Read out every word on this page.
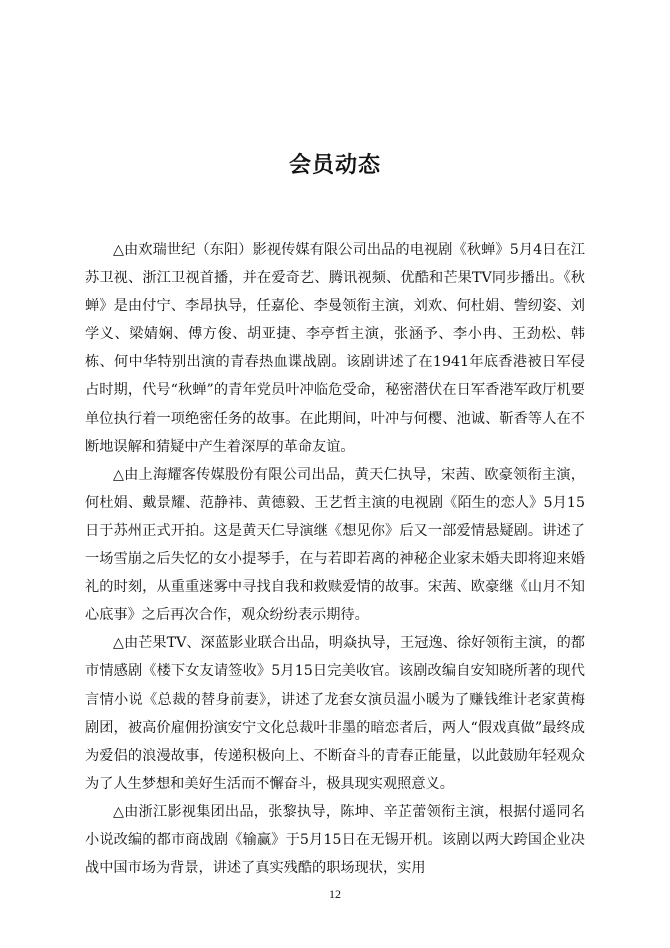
会员动态

△由欢瑞世纪（东阳）影视传媒有限公司出品的电视剧《秋蝉》5月4日在江苏卫视、浙江卫视首播，并在爱奇艺、腾讯视频、优酷和芒果TV同步播出。《秋蝉》是由付宁、李昂执导，任嘉伦、李曼领衔主演，刘欢、何杜娟、訾纫姿、刘学义、梁婧娴、傅方俊、胡亚捷、李亭哲主演，张涵予、李小冉、王劲松、韩栋、何中华特别出演的青春热血谍战剧。该剧讲述了在1941年底香港被日军侵占时期，代号“秋蝉”的青年党员叶冲临危受命，秘密潜伏在日军香港军政厅机要单位执行着一项绝密任务的故事。在此期间，叶冲与何樱、池诚、靳香等人在不断地误解和猜疑中产生着深厚的革命友谊。

△由上海耀客传媒股份有限公司出品，黄天仁执导，宋茜、欧豪领衔主演，何杜娟、戴景耀、范静祎、黄德毅、王艺哲主演的电视剧《陌生的恋人》5月15日于苏州正式开拍。这是黄天仁导演继《想见你》后又一部爱情悬疑剧。讲述了一场雪崩之后失忆的女小提琴手，在与若即若离的神秘企业家未婚夫即将迎来婚礼的时刻，从重重迷雾中寻找自我和救赎爱情的故事。宋茜、欧豪继《山月不知心底事》之后再次合作，观众纷纷表示期待。

△由芒果TV、深蓝影业联合出品，明焱执导，王冠逸、徐好领衔主演，的都市情感剧《楼下女友请签收》5月15日完美收官。该剧改编自安知晓所著的现代言情小说《总裁的替身前妻》，讲述了龙套女演员温小暖为了赚钱维计老家黄梅剧团，被高价雇佣扮演安宁文化总裁叶非墨的暗恋者后，两人“假戏真做”最终成为爱侣的浪漫故事，传递积极向上、不断奋斗的青春正能量，以此鼓励年轻观众为了人生梦想和美好生活而不懈奋斗，极具现实观照意义。

△由浙江影视集团出品，张黎执导，陈坤、辛芷蕾领衔主演，根据付遥同名小说改编的都市商战剧《输赢》于5月15日在无锡开机。该剧以两大跨国企业决战中国市场为背景，讲述了真实残酷的职场现状，实用

12
